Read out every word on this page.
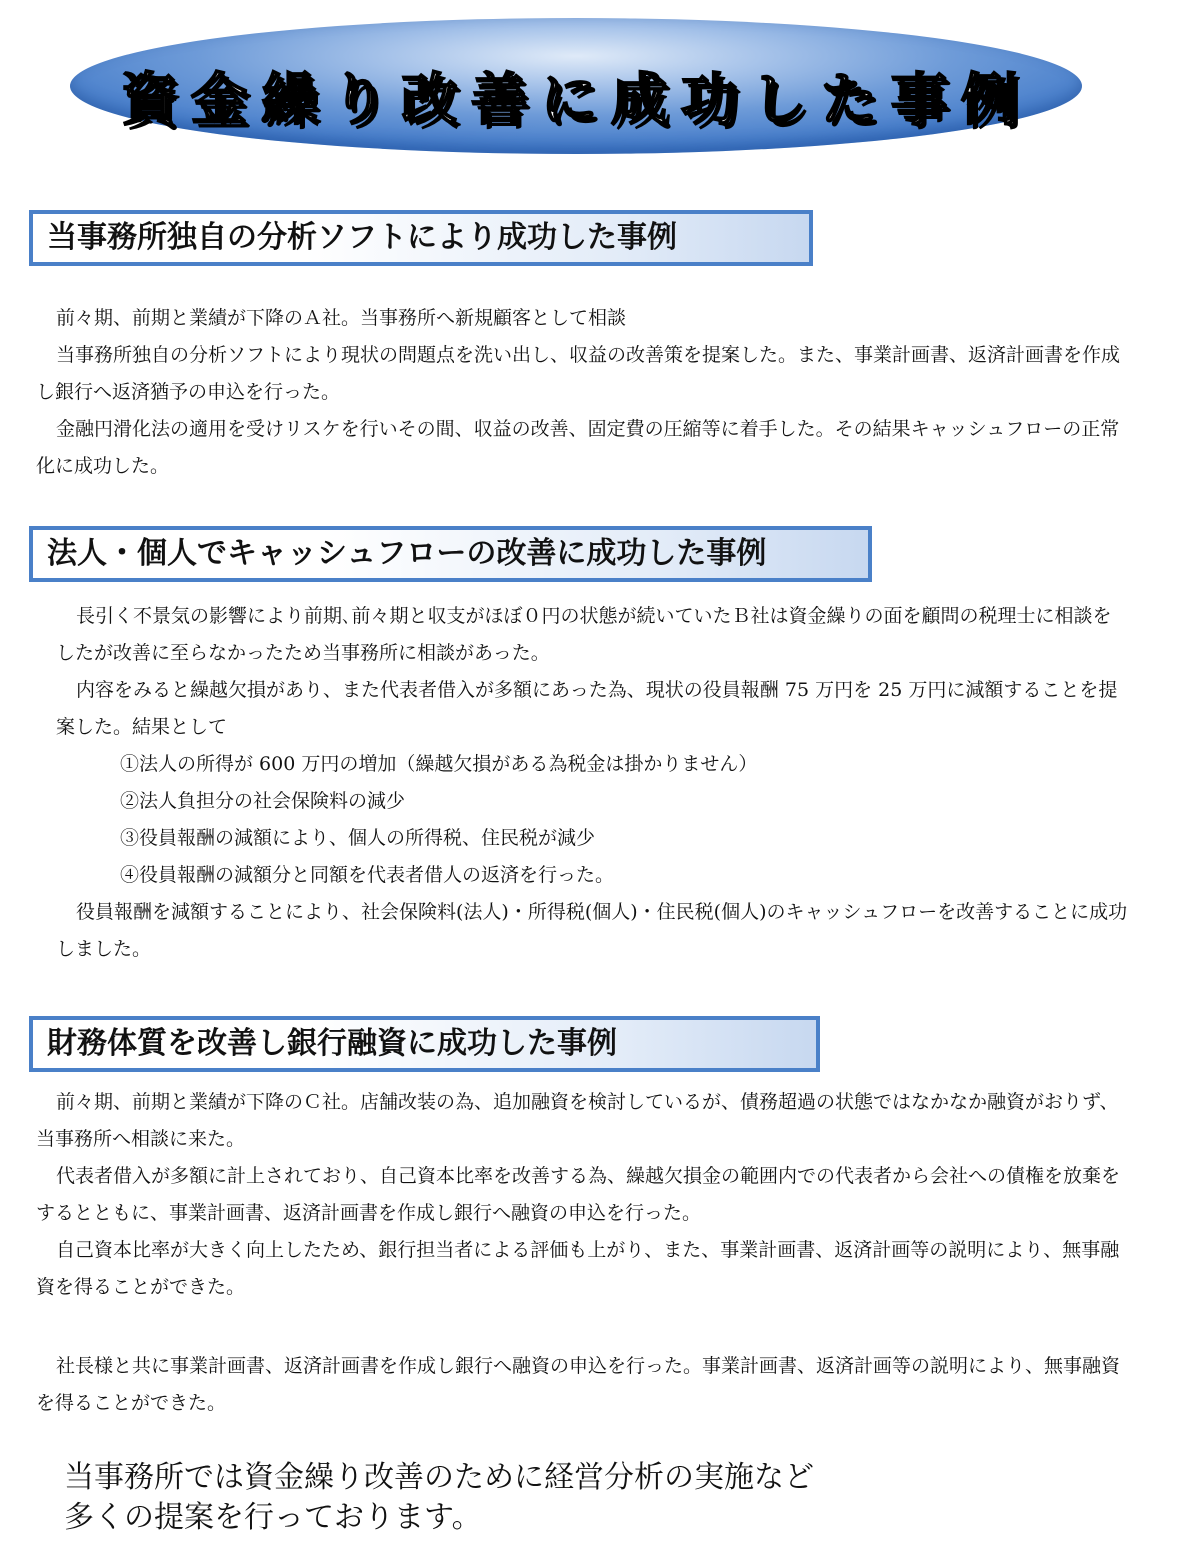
資金繰り改善に成功した事例
当事務所独自の分析ソフトにより成功した事例

前々期、前期と業績が下降のＡ社。当事務所へ新規顧客として相談

当事務所独自の分析ソフトにより現状の問題点を洗い出し、収益の改善策を提案した。また、事業計画書、返済計画書を作成し銀行へ返済猶予の申込を行った。

金融円滑化法の適用を受けリスケを行いその間、収益の改善、固定費の圧縮等に着手した。その結果キャッシュフローの正常化に成功した。

法人・個人でキャッシュフローの改善に成功した事例

長引く不景気の影響により前期､前々期と収支がほぼ０円の状態が続いていたＢ社は資金繰りの面を顧問の税理士に相談をしたが改善に至らなかったため当事務所に相談があった。

内容をみると繰越欠損があり、また代表者借入が多額にあった為、現状の役員報酬 75 万円を 25 万円に減額することを提案した。結果として

①法人の所得が 600 万円の増加（繰越欠損がある為税金は掛かりません）

②法人負担分の社会保険料の減少

③役員報酬の減額により、個人の所得税、住民税が減少

④役員報酬の減額分と同額を代表者借人の返済を行った。

役員報酬を減額することにより、社会保険料(法人)・所得税(個人)・住民税(個人)のキャッシュフローを改善することに成功しました。

財務体質を改善し銀行融資に成功した事例

前々期、前期と業績が下降のＣ社。店舗改装の為、追加融資を検討しているが、債務超過の状態ではなかなか融資がおりず、当事務所へ相談に来た。

代表者借入が多額に計上されており、自己資本比率を改善する為、繰越欠損金の範囲内での代表者から会社への債権を放棄をするとともに、事業計画書、返済計画書を作成し銀行へ融資の申込を行った。

自己資本比率が大きく向上したため、銀行担当者による評価も上がり、また、事業計画書、返済計画等の説明により、無事融資を得ることができた。

社長様と共に事業計画書、返済計画書を作成し銀行へ融資の申込を行った。事業計画書、返済計画等の説明により、無事融資を得ることができた。

当事務所では資金繰り改善のために経営分析の実施など

多くの提案を行っております。
